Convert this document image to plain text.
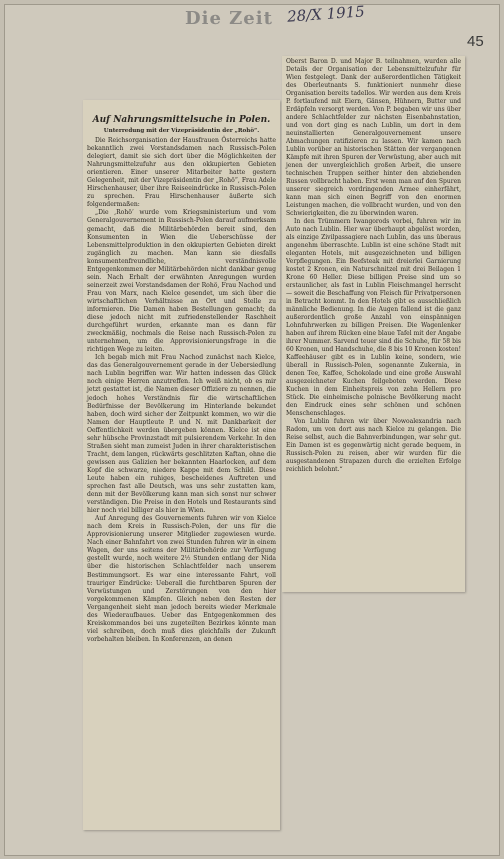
Die Zeit 28/X 1915
45
Auf Nahrungsmittelsuche in Polen.
Unterredung mit der Vizepräsidentin der „Rohö“.

Die Reichsorganisation der Hausfrauen Österreichs hatte bekanntlich zwei Vorstandsdamen nach Russisch-Polen delegiert, damit sie sich dort über die Möglichkeiten der Nahrungsmittelzufuhr aus den okkupierten Gebieten orientieren. Einer unserer Mitarbeiter hatte gestern Gelegenheit, mit der Vizepräsidentin der „Rohö“, Frau Adele Hirschenhauser, über ihre Reiseeindrücke in Russisch-Polen zu sprechen. Frau Hirschenhauser äußerte sich folgendermaßen:

„Die ‚Rohö‘ wurde vom Kriegsministerium und vom Generalgouvernement in Russisch-Polen darauf aufmerksam gemacht, daß die Militärbehörden bereit sind, den Konsumenten in Wien die Ueberschüsse der Lebensmittelproduktion in den okkupierten Gebieten direkt zugänglich zu machen. Man kann sie diesfalls konsumentenfreundliche, verständnisvolle Entgegenkommen der Militärbehörden nicht dankbar genug sein. Nach Erhalt der erwähnten Anregungen wurden seinerzeit zwei Vorstandsdamen der Rohö, Frau Nachod und Frau von Marx, nach Kielce gesendet, um sich über die wirtschaftlichen Verhältnisse an Ort und Stelle zu informieren. Die Damen haben Bestellungen gemacht; da diese jedoch nicht mit zufriedenstellender Raschheit durchgeführt wurden, erkannte man es dann für zweckmäßig, nochmals die Reise nach Russisch-Polen zu unternehmen, um die Approvisionierungsfrage in die richtigen Wege zu leiten.

Ich begab mich mit Frau Nachod zunächst nach Kielce, das das Generalgouvernement gerade in der Uebersiedlung nach Lublin begriffen war. Wir hatten indessen das Glück noch einige Herren anzutreffen. Ich weiß nicht, ob es mir jetzt gestattet ist, die Namen dieser Offiziere zu nennen, die jedoch hohes Verständnis für die wirtschaftlichen Bedürfnisse der Bevölkerung im Hinterlande bekundet haben, doch wird sicher der Zeitpunkt kommen, wo wir die Namen der Hauptleute P. und N. mit Dankbarkeit der Oeffentlichkeit werden übergeben können. Kielce ist eine sehr hübsche Provinzstadt mit pulsierendem Verkehr. In den Straßen sieht man zumeist Juden in ihrer charakteristischen Tracht, dem langen, rückwärts geschlitzten Kaftan, ohne die gewissen aus Galizien her bekannten Haarlocken, auf dem Kopf die schwarze, niedere Kappe mit dem Schild. Diese Leute haben ein ruhiges, bescheidenes Auftreten und sprechen fast alle Deutsch, was uns sehr zustatten kam, denn mit der Bevölkerung kann man sich sonst nur schwer verständigen. Die Preise in den Hotels und Restaurants sind hier noch viel billiger als hier in Wien.

Auf Anregung des Gouvernements fuhren wir von Kielce nach dem Kreis in Russisch-Polen, der uns für die Approvisionierung unserer Mitglieder zugewiesen wurde. Nach einer Bahnfahrt von zwei Stunden fuhren wir in einem Wagen, der uns seitens der Militärbehörde zur Verfügung gestellt wurde, noch weitere 2½ Stunden entlang der Nida über die historischen Schlachtfelder nach unserem Bestimmungsort. Es war eine interessante Fahrt, voll trauriger Eindrücke: Ueberall die furchtbaren Spuren der Verwüstungen und Zerstörungen von den hier vorgekommenen Kämpfen. Gleich neben den Resten der Vergangenheit sieht man jedoch bereits wieder Merkmale des Wiederaufbaues. Ueber das Entgegenkommen des Kreiskommandos bei uns zugeteilten Bezirkes könnte man viel schreiben, doch muß dies gleichfalls der Zukunft vorbehalten bleiben. In Konferenzen, an denen

Oberst Baron D. und Major B. teilnahmen, wurden alle Details der Organisation der Lebensmittelzufuhr für Wien festgelegt. Dank der außerordentlichen Tätigkeit des Oberleutnants S. funktioniert nunmehr diese Organisation bereits tadellos. Wir werden aus dem Kreis P. fortlaufend mit Eiern, Gänsen, Hühnern, Butter und Erdäpfeln versorgt werden. Von P. begaben wir uns über andere Schlachtfelder zur nächsten Eisenbahnstation, und von dort ging es nach Lublin, um dort in dem neuinstallierten Generalgouvernement unsere Abmachungen ratifizieren zu lassen. Wir kamen nach Lublin vorüber an historischen Stätten der vergangenen Kämpfe mit ihren Spuren der Verwüstung, aber auch mit jenen der unvergleichlich großen Arbeit, die unsere technischen Truppen seither hinter den abziehenden Russen vollbracht haben. Erst wenn man auf den Spuren unserer siegreich vordringenden Armee einherfährt, kann man sich einen Begriff von den enormen Leistungen machen, die vollbracht wurden, und von den Schwierigkeiten, die zu überwinden waren.

In den Trümmern Iwangorods vorbei, fuhren wir im Auto nach Lublin. Hier war überhaupt abgelöst worden, als einzige Zivilpassagiere nach Lublin, das uns überaus angenehm überraschte. Lublin ist eine schöne Stadt mit eleganten Hotels, mit ausgezeichneten und billigen Verpflegungen. Ein Beefsteak mit dreierlei Garnierung kostet 2 Kronen, ein Naturschnitzel mit drei Beilagen 1 Krone 60 Heller. Diese billigen Preise sind um so erstaunlicher, als fast in Lublin Fleischmangel herrscht — soweit die Beschaffung von Fleisch für Privatpersonen in Betracht kommt. In den Hotels gibt es ausschließlich männliche Bedienung. In die Augen fallend ist die ganz außerordentlich große Anzahl von einspännigen Lohnfuhrwerken zu billigen Preisen. Die Wagenlenker haben auf ihrem Rücken eine blaue Tafel mit der Angabe ihrer Nummer. Sarvend teuer sind die Schuhe, für 58 bis 60 Kronen, und Handschuhe, die 8 bis 10 Kronen kosten! Kaffeehäuser gibt es in Lublin keine, sondern, wie überall in Russisch-Polen, sogenannte Zukernia, in denen Tee, Kaffee, Schokolade und eine große Auswahl ausgezeichneter Kuchen feilgeboten werden. Diese Kuchen in dem Einheitspreis von zehn Hellern pro Stück. Die einheimische polnische Bevölkerung macht den Eindruck eines sehr schönen und schönen Menschenschlages.

Von Lublin fuhren wir über Nowoalexandria nach Radom, um von dort aus nach Kielce zu gelangen. Die Reise selbst, auch die Bahnverbindungen, war sehr gut. Ein Damen ist es gegenwärtig nicht gerade bequem, in Russisch-Polen zu reisen, aber wir wurden für die ausgestandenen Strapazen durch die erzielten Erfolge reichlich belohnt.“
